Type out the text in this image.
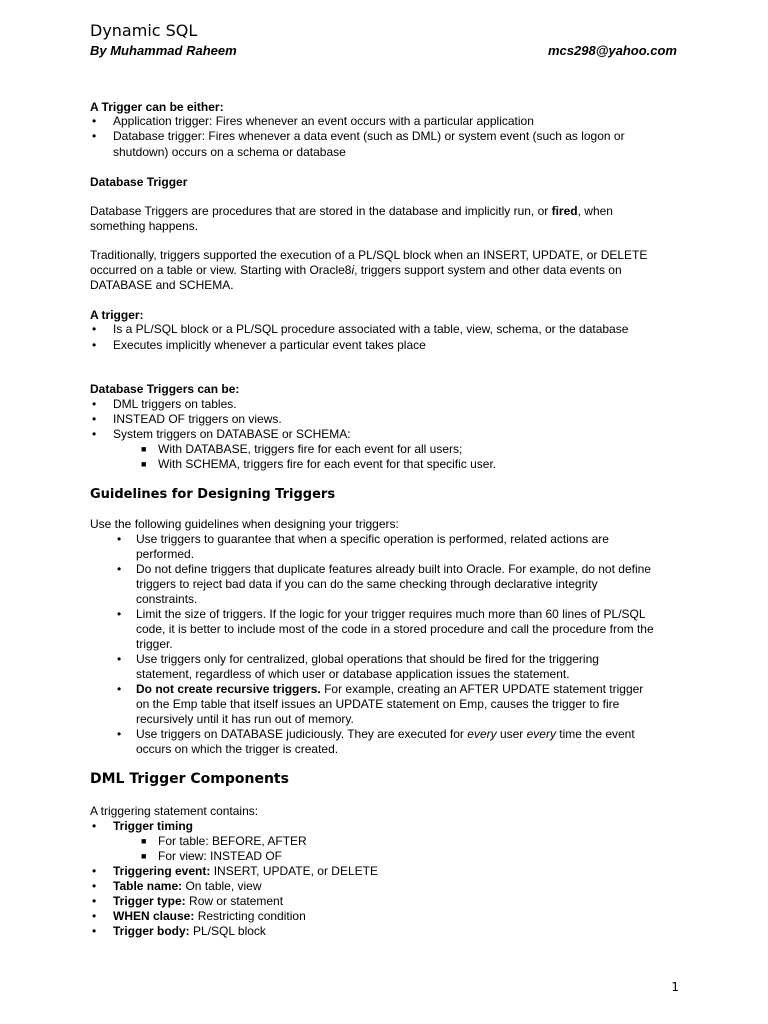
Dynamic SQL
By Muhammad Raheem	mcs298@yahoo.com
A Trigger can be either:
• Application trigger: Fires whenever an event occurs with a particular application
• Database trigger: Fires whenever a data event (such as DML) or system event (such as logon or
shutdown) occurs on a schema or database
Database Trigger
Database Triggers are procedures that are stored in the database and implicitly run, or fired, when
something happens.
Traditionally, triggers supported the execution of a PL/SQL block when an INSERT, UPDATE, or DELETE
occurred on a table or view. Starting with Oracle8i, triggers support system and other data events on
DATABASE and SCHEMA.
A trigger:
• Is a PL/SQL block or a PL/SQL procedure associated with a table, view, schema, or the database
• Executes implicitly whenever a particular event takes place
Database Triggers can be:
• DML triggers on tables.
• INSTEAD OF triggers on views.
• System triggers on DATABASE or SCHEMA:
■ With DATABASE, triggers fire for each event for all users;
■ With SCHEMA, triggers fire for each event for that specific user.
Guidelines for Designing Triggers
Use the following guidelines when designing your triggers:
• Use triggers to guarantee that when a specific operation is performed, related actions are
performed.
• Do not define triggers that duplicate features already built into Oracle. For example, do not define
triggers to reject bad data if you can do the same checking through declarative integrity
constraints.
• Limit the size of triggers. If the logic for your trigger requires much more than 60 lines of PL/SQL
code, it is better to include most of the code in a stored procedure and call the procedure from the
trigger.
• Use triggers only for centralized, global operations that should be fired for the triggering
statement, regardless of which user or database application issues the statement.
• Do not create recursive triggers. For example, creating an AFTER UPDATE statement trigger
on the Emp table that itself issues an UPDATE statement on Emp, causes the trigger to fire
recursively until it has run out of memory.
• Use triggers on DATABASE judiciously. They are executed for every user every time the event
occurs on which the trigger is created.
DML Trigger Components
A triggering statement contains:
• Trigger timing
■ For table: BEFORE, AFTER
■ For view: INSTEAD OF
• Triggering event: INSERT, UPDATE, or DELETE
• Table name: On table, view
• Trigger type: Row or statement
• WHEN clause: Restricting condition
• Trigger body: PL/SQL block
1
